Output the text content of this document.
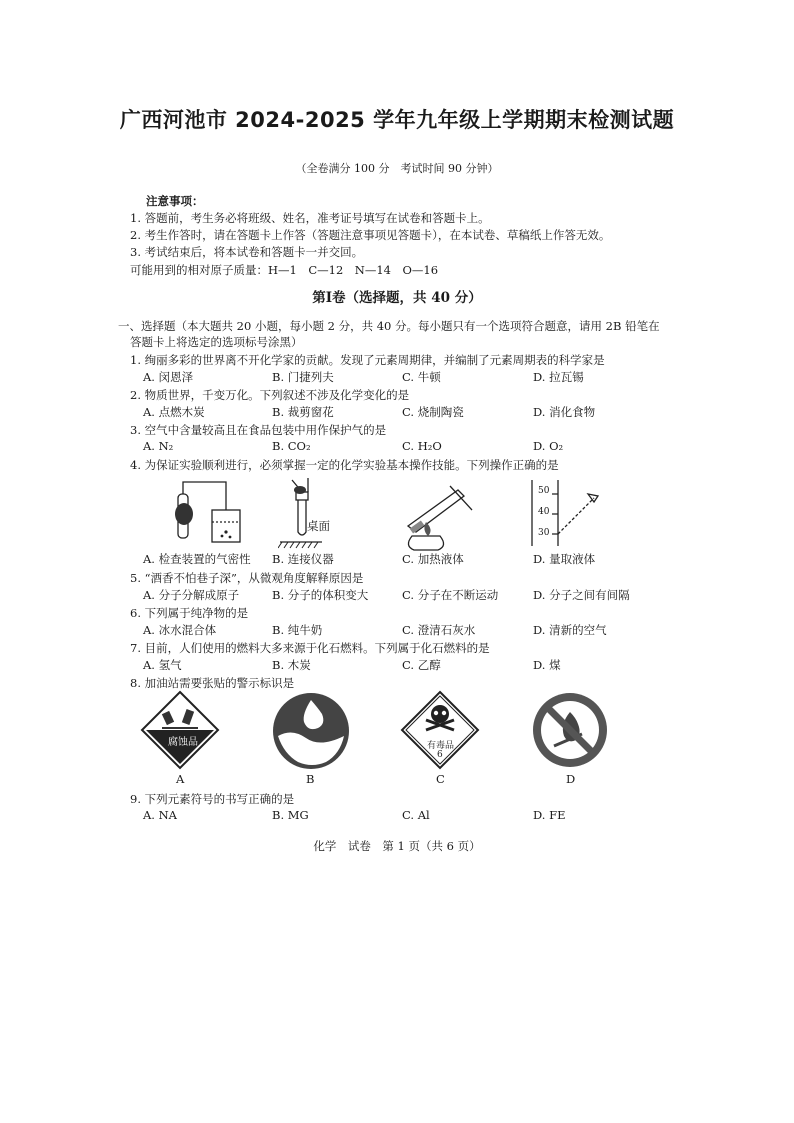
广西河池市 2024-2025 学年九年级上学期期末检测试题
（全卷满分 100 分　考试时间 90 分钟）
注意事项：
1. 答题前，考生务必将班级、姓名，准考证号填写在试卷和答题卡上。
2. 考生作答时，请在答题卡上作答（答题注意事项见答题卡），在本试卷、草稿纸上作答无效。
3. 考试结束后，将本试卷和答题卡一并交回。
可能用到的相对原子质量：H—1　C—12　N—14　O—16
第Ⅰ卷（选择题，共 40 分）
一、选择题（本大题共 20 小题，每小题 2 分，共 40 分。每小题只有一个选项符合题意，请用 2B 铅笔在
答题卡上将选定的选项标号涂黑）
1. 绚丽多彩的世界离不开化学家的贡献。发现了元素周期律，并编制了元素周期表的科学家是
A. 闵恩泽	B. 门捷列夫	C. 牛顿	D. 拉瓦锡
2. 物质世界，千变万化。下列叙述不涉及化学变化的是
A. 点燃木炭	B. 裁剪窗花	C. 烧制陶瓷	D. 消化食物
3. 空气中含量较高且在食品包装中用作保护气的是
A. N₂	B. CO₂	C. H₂O	D. O₂
4. 为保证实验顺利进行，必须掌握一定的化学实验基本操作技能。下列操作正确的是
桌面
50
40
30
A. 检查装置的气密性 B. 连接仪器	C. 加热液体	D. 量取液体
5. “酒香不怕巷子深”，从微观角度解释原因是
A. 分子分解成原子	B. 分子的体积变大	C. 分子在不断运动	D. 分子之间有间隔
6. 下列属于纯净物的是
A. 冰水混合体	B. 纯牛奶	C. 澄清石灰水	D. 清新的空气
7. 目前，人们使用的燃料大多来源于化石燃料。下列属于化石燃料的是
A. 氢气	B. 木炭	C. 乙醇	D. 煤
8. 加油站需要张贴的警示标识是
腐蚀品	有毒品
6
A	B	C	D
9. 下列元素符号的书写正确的是
A. NA	B. MG	C. Al	D. FE
化学　试卷　第 1 页（共 6 页）
